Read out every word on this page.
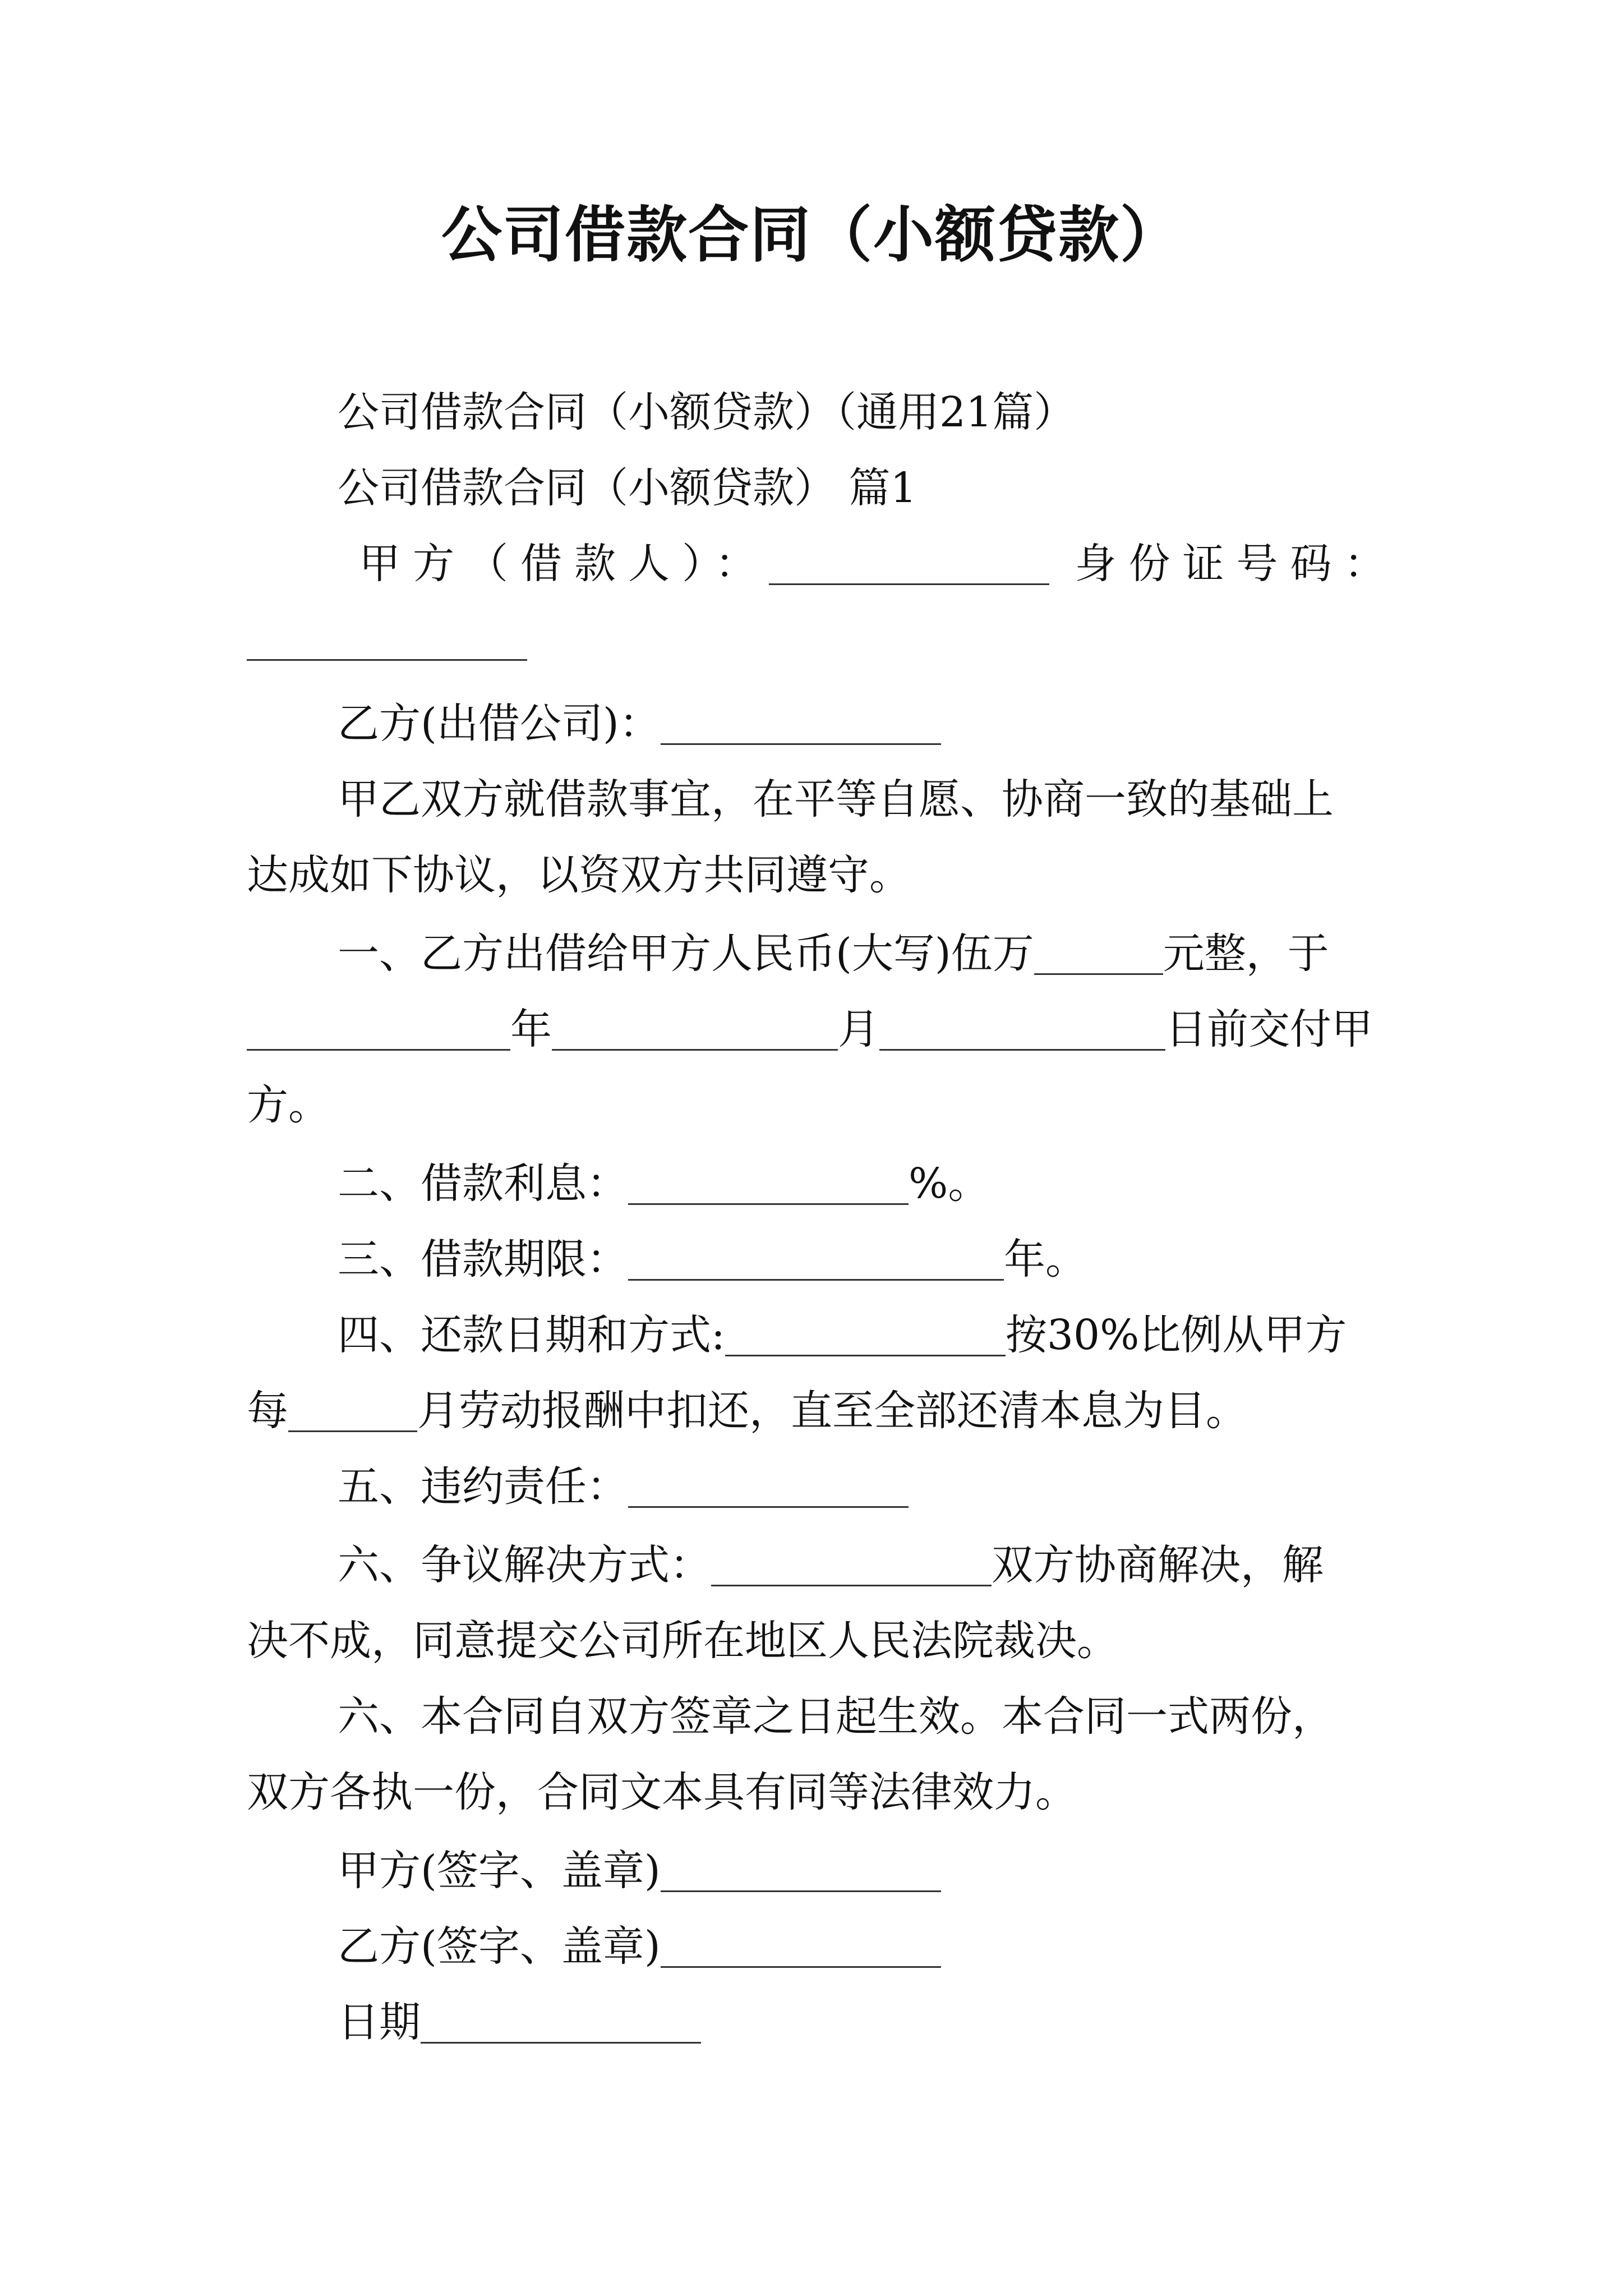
公司借款合同（小额贷款）
公司借款合同（小额贷款）（通用21篇）
公司借款合同（小额贷款） 篇1
甲方（借款人）：	身份证号码：
乙方(出借公司)：
甲乙双方就借款事宜，在平等自愿、协商一致的基础上
达成如下协议，以资双方共同遵守。
一、乙方出借给甲方人民币(大写)伍万	元整，于
年	月	日前交付甲
方。
二、借款利息：	%。
三、借款期限：	年。
四、还款日期和方式:	按30%比例从甲方
每	月劳动报酬中扣还，直至全部还清本息为目。
五、违约责任：
六、争议解决方式：	双方协商解决，解
决不成，同意提交公司所在地区人民法院裁决。
六、本合同自双方签章之日起生效。本合同一式两份，
双方各执一份，合同文本具有同等法律效力。
甲方(签字、盖章)
乙方(签字、盖章)
日期
